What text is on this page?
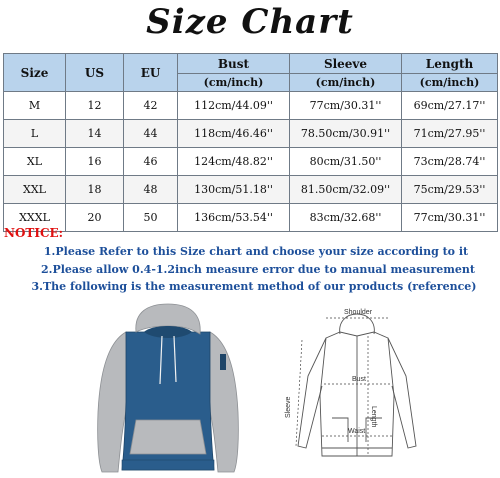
Size Chart
Size	US	EU	Bust	Sleeve	Length
			(cm/inch)	(cm/inch)	(cm/inch)
M	12	42	112cm/44.09''	77cm/30.31''	69cm/27.17''
L	14	44	118cm/46.46''	78.50cm/30.91''	71cm/27.95''
XL	16	46	124cm/48.82''	80cm/31.50''	73cm/28.74''
XXL	18	48	130cm/51.18''	81.50cm/32.09''	75cm/29.53''
XXXL	20	50	136cm/53.54''	83cm/32.68''	77cm/30.31''
NOTICE:
1.Please Refer to this Size chart and choose your size according to it
2.Please allow 0.4-1.2inch measure error due to manual measurement
3.The following is the measurement method of our products (reference)
Shoulder
Bust
Length
Sleeve
Waist
